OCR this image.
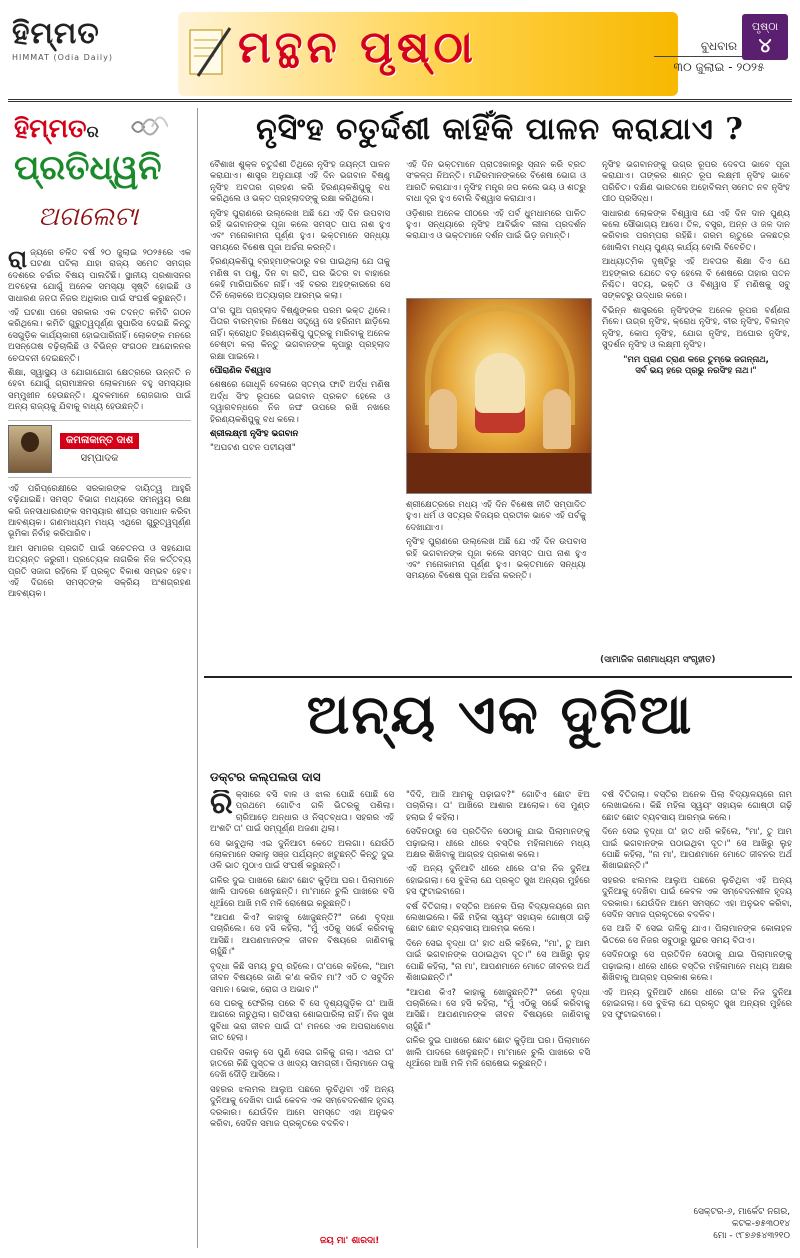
ହିମ୍ମତ
HIMMAT (Odia Daily)	ମନ୍ଥନ ପୃଷ୍ଠା	ବୁଧବାର
୩୦ ଜୁଲାଇ - ୨୦୨୫
ପୃଷ୍ଠା
୪
ହିମ୍ମତର
ପ୍ରତିଧ୍ୱନି
ଅଗଲେଟା

ରାଜ୍ୟରେ ଚଳିତ ବର୍ଷ ୨୦ ଜୁଲାଇ ୨୦୨୫ରେ ଏକ ଘଟଣା ଘଟିଲା ଯାହା ରାଜ୍ୟ ସମେତ ସମଗ୍ର ଦେଶରେ ଚର୍ଚ୍ଚାର ବିଷୟ ପାଲଟିଛି। ସ୍ଥାନୀୟ ପ୍ରଶାସନର ଅବହେଳା ଯୋଗୁଁ ଅନେକ ସମସ୍ୟା ସୃଷ୍ଟି ହୋଇଛି ଓ ସାଧାରଣ ଜନତା ନିଜର ଅଧିକାର ପାଇଁ ସଂଘର୍ଷ କରୁଛନ୍ତି।

ଏହି ଘଟଣା ପରେ ସରକାର ଏକ ତଦନ୍ତ କମିଟି ଗଠନ କରିଥିଲେ। କମିଟି ଗୁରୁତ୍ୱପୂର୍ଣ୍ଣ ସୁପାରିସ ଦେଇଛି କିନ୍ତୁ ସେଗୁଡ଼ିକ କାର୍ଯ୍ୟକାରୀ ହୋଇପାରିନାହିଁ। ଲୋକଙ୍କ ମନରେ ଅସନ୍ତୋଷ ବଢ଼ିଚାଲିଛି ଓ ବିଭିନ୍ନ ସଂଗଠନ ଆନ୍ଦୋଳନର ଚେତାବନୀ ଦେଇଛନ୍ତି।

ଶିକ୍ଷା, ସ୍ୱାସ୍ଥ୍ୟ ଓ ଯୋଗାଯୋଗ କ୍ଷେତ୍ରରେ ଉନ୍ନତି ନ ହେବା ଯୋଗୁଁ ଗ୍ରାମାଞ୍ଚଳର ଲୋକମାନେ ବହୁ ସମସ୍ୟାର ସମ୍ମୁଖୀନ ହେଉଛନ୍ତି। ଯୁବକମାନେ ରୋଜଗାର ପାଇଁ ଅନ୍ୟ ରାଜ୍ୟକୁ ଯିବାକୁ ବାଧ୍ୟ ହେଉଛନ୍ତି।

କମଳାକାନ୍ତ ଦାଶ
ସମ୍ପାଦକ

ଏହି ପରିପ୍ରେକ୍ଷୀରେ ସରକାରଙ୍କ ଦାୟିତ୍ୱ ଆହୁରି ବଢ଼ିଯାଇଛି। ସମସ୍ତ ବିଭାଗ ମଧ୍ୟରେ ସମନ୍ୱୟ ରକ୍ଷା କରି ଜନସାଧାରଣଙ୍କ ସମସ୍ୟାର ଶୀଘ୍ର ସମାଧାନ କରିବା ଆବଶ୍ୟକ। ଗଣମାଧ୍ୟମ ମଧ୍ୟ ଏଥିରେ ଗୁରୁତ୍ୱପୂର୍ଣ୍ଣ ଭୂମିକା ନିର୍ବାହ କରିପାରିବ।

ଆମ ସମାଜର ପ୍ରଗତି ପାଇଁ ସଚେତନତା ଓ ସହଯୋଗ ଅତ୍ୟନ୍ତ ଜରୁରୀ। ପ୍ରତ୍ୟେକ ନାଗରିକ ନିଜ କର୍ତ୍ତବ୍ୟ ପ୍ରତି ସଜାଗ ରହିଲେ ହିଁ ପ୍ରକୃତ ବିକାଶ ସମ୍ଭବ ହେବ। ଏହି ଦିଗରେ ସମସ୍ତଙ୍କ ସକ୍ରିୟ ଅଂଶଗ୍ରହଣ ଆବଶ୍ୟକ।

ନୃସିଂହ ଚତୁର୍ଦ୍ଦଶୀ କାହିଁକି ପାଳନ କରାଯାଏ ?

ବୈଶାଖ ଶୁକ୍ଳ ଚତୁର୍ଦ୍ଦଶୀ ତିଥିରେ ନୃସିଂହ ଜୟନ୍ତୀ ପାଳନ କରାଯାଏ। ଶାସ୍ତ୍ର ଅନୁଯାୟୀ ଏହି ଦିନ ଭଗବାନ ବିଷ୍ଣୁ ନୃସିଂହ ଅବତାର ଗ୍ରହଣ କରି ହିରଣ୍ୟକଶିପୁକୁ ବଧ କରିଥିଲେ ଓ ଭକ୍ତ ପ୍ରହ୍ଲାଦଙ୍କୁ ରକ୍ଷା କରିଥିଲେ।

ନୃସିଂହ ପୁରାଣରେ ଉଲ୍ଲେଖ ଅଛି ଯେ ଏହି ଦିନ ଉପବାସ ରହି ଭଗବାନଙ୍କ ପୂଜା କଲେ ସମସ୍ତ ପାପ ନାଶ ହୁଏ ଏବଂ ମନୋକାମନା ପୂର୍ଣ୍ଣ ହୁଏ। ଭକ୍ତମାନେ ସନ୍ଧ୍ୟା ସମୟରେ ବିଶେଷ ପୂଜା ଅର୍ଚ୍ଚନା କରନ୍ତି।

ହିରଣ୍ୟକଶିପୁ ବ୍ରହ୍ମାଙ୍କଠାରୁ ବର ପାଇଥିଲା ଯେ ତାକୁ ମଣିଷ ବା ପଶୁ, ଦିନ ବା ରାତି, ଘର ଭିତର ବା ବାହାରେ କେହି ମାରିପାରିବେ ନାହିଁ। ଏହି ବରର ଅହଙ୍କାରରେ ସେ ତିନି ଲୋକରେ ଅତ୍ୟାଚାର ଆରମ୍ଭ କଲା।

ତା'ର ପୁଅ ପ୍ରହ୍ଲାଦ ବିଷ୍ଣୁଙ୍କର ପରମ ଭକ୍ତ ଥିଲେ। ପିତାର ବାରମ୍ବାର ନିଷେଧ ସତ୍ତ୍ୱେ ସେ ହରିନାମ ଛାଡ଼ିଲେ ନାହିଁ। କ୍ରୋଧିତ ହିରଣ୍ୟକଶିପୁ ପୁତ୍ରକୁ ମାରିବାକୁ ଅନେକ ଚେଷ୍ଟା କଲା କିନ୍ତୁ ଭଗବାନଙ୍କ କୃପାରୁ ପ୍ରହ୍ଲାଦ ରକ୍ଷା ପାଇଲେ।

ପୌରାଣିକ ବିଶ୍ୱାସ

ଶେଷରେ ଗୋଧୂଳି ବେଳାରେ ସ୍ତମ୍ଭ ଫାଟି ଅର୍ଦ୍ଧ ମଣିଷ ଅର୍ଦ୍ଧ ସିଂହ ରୂପରେ ଭଗବାନ ପ୍ରକଟ ହେଲେ ଓ ଦ୍ୱାରବନ୍ଧରେ ନିଜ ଜଙ୍ଘ ଉପରେ ରଖି ନଖରେ ହିରଣ୍ୟକଶିପୁକୁ ବଧ କଲେ।

ଶ୍ରୀଲକ୍ଷ୍ମୀ ନୃସିଂହ ଭଗବାନ

"ଅଘଟଣ ଘଟନ ପଟୀୟସୀ"

ଏହି ଦିନ ଭକ୍ତମାନେ ପ୍ରାତଃକାଳରୁ ସ୍ନାନ କରି ବ୍ରତ ସଂକଳ୍ପ ନିଅନ୍ତି। ମନ୍ଦିରମାନଙ୍କରେ ବିଶେଷ ଭୋଗ ଓ ଆରତି କରାଯାଏ। ନୃସିଂହ ମନ୍ତ୍ର ଜପ କଲେ ଭୟ ଓ ଶତ୍ରୁ ବାଧା ଦୂର ହୁଏ ବୋଲି ବିଶ୍ୱାସ କରାଯାଏ।

ଓଡ଼ିଶାର ଅନେକ ପୀଠରେ ଏହି ପର୍ବ ଧୁମଧାମରେ ପାଳିତ ହୁଏ। ସନ୍ଧ୍ୟାରେ ନୃସିଂହ ଆବିର୍ଭାବ ଲୀଳା ପ୍ରଦର୍ଶନ କରାଯାଏ ଓ ଭକ୍ତମାନେ ଦର୍ଶନ ପାଇଁ ଭିଡ଼ ଜମାନ୍ତି।

ଶ୍ରୀକ୍ଷେତ୍ରରେ ମଧ୍ୟ ଏହି ଦିନ ବିଶେଷ ନୀତି ସମ୍ପାଦିତ ହୁଏ। ଧର୍ମ ଓ ସତ୍ୟର ବିଜୟର ପ୍ରତୀକ ଭାବେ ଏହି ପର୍ବକୁ ଦେଖାଯାଏ।

ନୃସିଂହ ପୁରାଣରେ ଉଲ୍ଲେଖ ଅଛି ଯେ ଏହି ଦିନ ଉପବାସ ରହି ଭଗବାନଙ୍କ ପୂଜା କଲେ ସମସ୍ତ ପାପ ନାଶ ହୁଏ ଏବଂ ମନୋକାମନା ପୂର୍ଣ୍ଣ ହୁଏ। ଭକ୍ତମାନେ ସନ୍ଧ୍ୟା ସମୟରେ ବିଶେଷ ପୂଜା ଅର୍ଚ୍ଚନା କରନ୍ତି।

ନୃସିଂହ ଭଗବାନଙ୍କୁ ଉଗ୍ର ରୂପର ଦେବତା ଭାବେ ପୂଜା କରାଯାଏ। ତାଙ୍କର ଶାନ୍ତ ରୂପ ଲକ୍ଷ୍ମୀ ନୃସିଂହ ଭାବେ ପରିଚିତ। ଦକ୍ଷିଣ ଭାରତରେ ଅହୋବିଲମ୍ ସମେତ ନବ ନୃସିଂହ ପୀଠ ପ୍ରସିଦ୍ଧ।

ସାଧାରଣ ଲୋକଙ୍କ ବିଶ୍ୱାସ ଯେ ଏହି ଦିନ ଦାନ ପୁଣ୍ୟ କଲେ ସୌଭାଗ୍ୟ ଆସେ। ତିଳ, ବସ୍ତ୍ର, ଅନ୍ନ ଓ ଜଳ ଦାନ କରିବାର ପରମ୍ପରା ରହିଛି। ଗରମ ଋତୁରେ ଜଳଛତ୍ର ଖୋଲିବା ମଧ୍ୟ ପୁଣ୍ୟ କାର୍ଯ୍ୟ ବୋଲି ବିବେଚିତ।

ଆଧ୍ୟାତ୍ମିକ ଦୃଷ୍ଟିରୁ ଏହି ଅବତାର ଶିକ୍ଷା ଦିଏ ଯେ ଅହଙ୍କାର ଯେତେ ବଡ଼ ହେଲେ ବି ଶେଷରେ ତାହାର ପତନ ନିଶ୍ଚିତ। ସତ୍ୟ, ଭକ୍ତି ଓ ବିଶ୍ୱାସ ହିଁ ମଣିଷକୁ ସବୁ ସଙ୍କଟରୁ ଉଦ୍ଧାର କରେ।

ବିଭିନ୍ନ ଶାସ୍ତ୍ରରେ ନୃସିଂହଙ୍କ ଅନେକ ରୂପର ବର୍ଣ୍ଣନା ମିଳେ। ଉଗ୍ର ନୃସିଂହ, କ୍ରୋଧ ନୃସିଂହ, ବୀର ନୃସିଂହ, ବିଲମ୍ବ ନୃସିଂହ, କୋପ ନୃସିଂହ, ଯୋଗ ନୃସିଂହ, ଅଘୋର ନୃସିଂହ, ସୁଦର୍ଶନ ନୃସିଂହ ଓ ଲକ୍ଷ୍ମୀ ନୃସିଂହ।

"ମମ ପ୍ରାଣ ତ୍ରାଣ କରେ ତୁମ୍ଭେ ଜଗନ୍ନାଥ,
ସର୍ବ ଭୟ ହରେ ପ୍ରଭୁ ନରସିଂହ ନାଥ।"

(ସାମାଜିକ ଗଣମାଧ୍ୟମ ସଂଗୃହୀତ)
ଅନ୍ୟ ଏକ ଦୁନିଆ
ଡକ୍ଟର କଲ୍ପଲତା ଦାସ

ରିକ୍ସାରେ ବସି ବାଳ ଓ ଝାଲ ପୋଛି ପୋଛି ସେ ପ୍ରଥମେ ଗୋଟିଏ ଗଳି ଭିତରକୁ ପଶିଲା। ଚାରିଆଡ଼େ ଅନ୍ଧାର ଓ ନିସ୍ତବ୍ଧତା। ସହରର ଏହି ଅଂଶଟି ତା' ପାଇଁ ସମ୍ପୂର୍ଣ୍ଣ ଅଜଣା ଥିଲା।

ସେ ଭାବୁଥିଲା ଏଇ ଦୁନିଆଟା କେତେ ଅଲଗା। ଯେଉଁଠି ଲୋକମାନେ ସକାଳୁ ସଞ୍ଜ ପର୍ଯ୍ୟନ୍ତ ଖଟୁଛନ୍ତି କିନ୍ତୁ ଦୁଇ ଓଳି ଭାତ ମୁଠାଏ ପାଇଁ ସଂଘର୍ଷ କରୁଛନ୍ତି।

ଗଳିର ଦୁଇ ପାଖରେ ଛୋଟ ଛୋଟ କୁଡ଼ିଆ ଘର। ପିଲାମାନେ ଖାଲି ପାଦରେ ଖେଳୁଛନ୍ତି। ମା'ମାନେ ଚୁଲି ପାଖରେ ବସି ଧୂଆଁରେ ଆଖି ମଳି ମଳି ରୋଷେଇ କରୁଛନ୍ତି।

"ଆପଣ କିଏ? କାହାକୁ ଖୋଜୁଛନ୍ତି?" ଜଣେ ବୃଦ୍ଧା ପଚାରିଲେ। ସେ ହସି କହିଲା, "ମୁଁ ଏଠିକୁ ସର୍ଭେ କରିବାକୁ ଆସିଛି। ଆପଣମାନଙ୍କ ଜୀବନ ବିଷୟରେ ଜାଣିବାକୁ ଚାହୁଁଛି।"

ବୃଦ୍ଧା କିଛି ସମୟ ଚୁପ୍ ରହିଲେ। ତା'ପରେ କହିଲେ, "ଆମ ଜୀବନ ବିଷୟରେ ଜାଣି କ'ଣ କରିବ ମା'? ଏଠି ତ ସବୁଦିନ ସମାନ। ଭୋକ, ରୋଗ ଓ ଅଭାବ।"

ସେ ଘରକୁ ଫେରିଲା ପରେ ବି ସେ ଦୃଶ୍ୟଗୁଡ଼ିକ ତା' ଆଖି ଆଗରେ ନାଚୁଥିଲା। ରାତିସାରା ଶୋଇପାରିଲା ନାହିଁ। ନିଜ ସୁଖ ସୁବିଧା ଭରା ଜୀବନ ପାଇଁ ତା' ମନରେ ଏକ ଅପରାଧବୋଧ ଜାତ ହେଲା।

ପରଦିନ ସକାଳୁ ସେ ପୁଣି ସେଇ ଗଳିକୁ ଗଲା। ଏଥର ତା' ହାତରେ କିଛି ପୁସ୍ତକ ଓ ଖାଦ୍ୟ ସାମଗ୍ରୀ। ପିଲାମାନେ ତାକୁ ଦେଖି ଦୌଡ଼ି ଆସିଲେ।

ସହରର ଝଲମଲ ଆଲୁଅ ପଛରେ ଲୁଚିଥିବା ଏହି ଅନ୍ୟ ଦୁନିଆକୁ ଦେଖିବା ପାଇଁ କେବଳ ଏକ ସମ୍ବେଦନଶୀଳ ହୃଦୟ ଦରକାର। ଯେଉଁଦିନ ଆମେ ସମସ୍ତେ ଏହା ଅନୁଭବ କରିବା, ସେଦିନ ସମାଜ ପ୍ରକୃତରେ ବଦଳିବ।

"ଦିଦି, ଆଜି ଆମକୁ ପଢ଼ାଇବ?" ଗୋଟିଏ ଛୋଟ ଝିଅ ପଚାରିଲା। ତା' ଆଖିରେ ଆଶାର ଆଲୋକ। ସେ ମୁଣ୍ଡ ହଲାଇ ହଁ କହିଲା।

ସେଦିନଠାରୁ ସେ ପ୍ରତିଦିନ ସେଠାକୁ ଯାଇ ପିଲାମାନଙ୍କୁ ପଢ଼ାଇଲା। ଧୀରେ ଧୀରେ ବସ୍ତିର ମହିଳାମାନେ ମଧ୍ୟ ଅକ୍ଷର ଶିଖିବାକୁ ଆଗ୍ରହ ପ୍ରକାଶ କଲେ।

ଏହି ଅନ୍ୟ ଦୁନିଆଟି ଧୀରେ ଧୀରେ ତା'ର ନିଜ ଦୁନିଆ ହୋଇଗଲା। ସେ ବୁଝିଲା ଯେ ପ୍ରକୃତ ସୁଖ ଅନ୍ୟର ମୁହଁରେ ହସ ଫୁଟାଇବାରେ।

ବର୍ଷ ବିତିଗଲା। ବସ୍ତିର ଅନେକ ପିଲା ବିଦ୍ୟାଳୟରେ ନାମ ଲେଖାଇଲେ। କିଛି ମହିଳା ସ୍ୱୟଂ ସହାୟକ ଗୋଷ୍ଠୀ ଗଢ଼ି ଛୋଟ ଛୋଟ ବ୍ୟବସାୟ ଆରମ୍ଭ କଲେ।

ଦିନେ ସେଇ ବୃଦ୍ଧା ତା' ହାତ ଧରି କହିଲେ, "ମା', ତୁ ଆମ ପାଇଁ ଭଗବାନଙ୍କ ପଠାଇଥିବା ଦୂତ।" ସେ ଆଖିରୁ ଲୁହ ପୋଛି କହିଲା, "ନା ମା', ଆପଣମାନେ ମୋତେ ଜୀବନର ଅର୍ଥ ଶିଖାଇଛନ୍ତି।"

"ଆପଣ କିଏ? କାହାକୁ ଖୋଜୁଛନ୍ତି?" ଜଣେ ବୃଦ୍ଧା ପଚାରିଲେ। ସେ ହସି କହିଲା, "ମୁଁ ଏଠିକୁ ସର୍ଭେ କରିବାକୁ ଆସିଛି। ଆପଣମାନଙ୍କ ଜୀବନ ବିଷୟରେ ଜାଣିବାକୁ ଚାହୁଁଛି।"

ଗଳିର ଦୁଇ ପାଖରେ ଛୋଟ ଛୋଟ କୁଡ଼ିଆ ଘର। ପିଲାମାନେ ଖାଲି ପାଦରେ ଖେଳୁଛନ୍ତି। ମା'ମାନେ ଚୁଲି ପାଖରେ ବସି ଧୂଆଁରେ ଆଖି ମଳି ମଳି ରୋଷେଇ କରୁଛନ୍ତି।

ବର୍ଷ ବିତିଗଲା। ବସ୍ତିର ଅନେକ ପିଲା ବିଦ୍ୟାଳୟରେ ନାମ ଲେଖାଇଲେ। କିଛି ମହିଳା ସ୍ୱୟଂ ସହାୟକ ଗୋଷ୍ଠୀ ଗଢ଼ି ଛୋଟ ଛୋଟ ବ୍ୟବସାୟ ଆରମ୍ଭ କଲେ।

ଦିନେ ସେଇ ବୃଦ୍ଧା ତା' ହାତ ଧରି କହିଲେ, "ମା', ତୁ ଆମ ପାଇଁ ଭଗବାନଙ୍କ ପଠାଇଥିବା ଦୂତ।" ସେ ଆଖିରୁ ଲୁହ ପୋଛି କହିଲା, "ନା ମା', ଆପଣମାନେ ମୋତେ ଜୀବନର ଅର୍ଥ ଶିଖାଇଛନ୍ତି।"

ସହରର ଝଲମଲ ଆଲୁଅ ପଛରେ ଲୁଚିଥିବା ଏହି ଅନ୍ୟ ଦୁନିଆକୁ ଦେଖିବା ପାଇଁ କେବଳ ଏକ ସମ୍ବେଦନଶୀଳ ହୃଦୟ ଦରକାର। ଯେଉଁଦିନ ଆମେ ସମସ୍ତେ ଏହା ଅନୁଭବ କରିବା, ସେଦିନ ସମାଜ ପ୍ରକୃତରେ ବଦଳିବ।

ସେ ଆଜି ବି ସେଇ ଗଳିକୁ ଯାଏ। ପିଲାମାନଙ୍କ କୋଳାହଳ ଭିତରେ ସେ ନିଜର ସବୁଠାରୁ ସୁନ୍ଦର ସମୟ ବିତାଏ।

ସେଦିନଠାରୁ ସେ ପ୍ରତିଦିନ ସେଠାକୁ ଯାଇ ପିଲାମାନଙ୍କୁ ପଢ଼ାଇଲା। ଧୀରେ ଧୀରେ ବସ୍ତିର ମହିଳାମାନେ ମଧ୍ୟ ଅକ୍ଷର ଶିଖିବାକୁ ଆଗ୍ରହ ପ୍ରକାଶ କଲେ।

ଏହି ଅନ୍ୟ ଦୁନିଆଟି ଧୀରେ ଧୀରେ ତା'ର ନିଜ ଦୁନିଆ ହୋଇଗଲା। ସେ ବୁଝିଲା ଯେ ପ୍ରକୃତ ସୁଖ ଅନ୍ୟର ମୁହଁରେ ହସ ଫୁଟାଇବାରେ।

ସେକ୍ଟର-୬, ମାର୍କେଟ ନଗର,
କଟକ-୭୫୩୦୧୪
ମୋ - ୯୮୭୬୫୪୩୨୧୦
ଜୟ ମା' ଶାରଦା!
